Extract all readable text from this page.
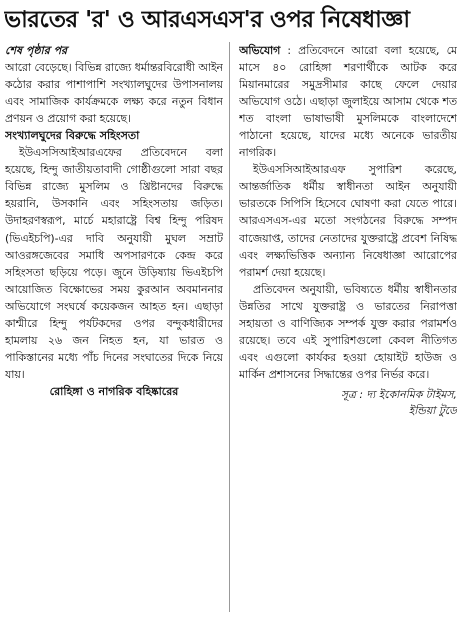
ভারতের 'র' ও আরএসএস'র ওপর নিষেধাজ্ঞা

শেষ পৃষ্ঠার পর

আরো বেড়েছে। বিভিন্ন রাজ্যে ধর্মান্তরবিরোধী আইন কঠোর করার পাশাপাশি সংখ্যালঘুদের উপাসনালয় এবং সামাজিক কার্যক্রমকে লক্ষ্য করে নতুন বিধান প্রণয়ন ও প্রয়োগ করা হয়েছে।

সংখ্যালঘুদের বিরুদ্ধে সহিংসতা

ইউএসসিআইআরএফের প্রতিবেদনে বলা হয়েছে, হিন্দু জাতীয়তাবাদী গোষ্ঠীগুলো সারা বছর বিভিন্ন রাজ্যে মুসলিম ও খ্রিষ্টানদের বিরুদ্ধে হয়রানি, উসকানি এবং সহিংসতায় জড়িত। উদাহরণস্বরূপ, মার্চে মহারাষ্ট্রে বিশ্ব হিন্দু পরিষদ (ভিএইচপি)-এর দাবি অনুযায়ী মুঘল সম্রাট আওরঙ্গজেবের সমাধি অপসারণকে কেন্দ্র করে সহিংসতা ছড়িয়ে পড়ে। জুনে উড়িষ্যায় ভিএইচপি আয়োজিত বিক্ষোভের সময় কুরআন অবমাননার অভিযোগে সংঘর্ষে কয়েকজন আহত হন। এছাড়া কাশ্মীরে হিন্দু পর্যটকদের ওপর বন্দুকধারীদের হামলায় ২৬ জন নিহত হন, যা ভারত ও পাকিস্তানের মধ্যে পাঁচ দিনের সংঘাতের দিকে নিয়ে যায়।

রোহিঙ্গা ও নাগরিক বহিষ্কারের

অভিযোগ : প্রতিবেদনে আরো বলা হয়েছে, মে মাসে ৪০ রোহিঙ্গা শরণার্থীকে আটক করে মিয়ানমারের সমুদ্রসীমার কাছে ফেলে দেয়ার অভিযোগ ওঠে। এছাড়া জুলাইয়ে আসাম থেকে শত শত বাংলা ভাষাভাষী মুসলিমকে বাংলাদেশে পাঠানো হয়েছে, যাদের মধ্যে অনেকে ভারতীয় নাগরিক।

ইউএসসিআইআরএফ সুপারিশ করেছে, আন্তর্জাতিক ধর্মীয় স্বাধীনতা আইন অনুযায়ী ভারতকে সিপিসি হিসেবে ঘোষণা করা যেতে পারে। আরএসএস-এর মতো সংগঠনের বিরুদ্ধে সম্পদ বাজেয়াপ্ত, তাদের নেতাদের যুক্তরাষ্ট্রে প্রবেশ নিষিদ্ধ এবং লক্ষ্যভিত্তিক অন্যান্য নিষেধাজ্ঞা আরোপের পরামর্শ দেয়া হয়েছে।

প্রতিবেদন অনুযায়ী, ভবিষ্যতে ধর্মীয় স্বাধীনতার উন্নতির সাথে যুক্তরাষ্ট্র ও ভারতের নিরাপত্তা সহায়তা ও বাণিজ্যিক সম্পর্ক যুক্ত করার পরামর্শও রয়েছে। তবে এই সুপারিশগুলো কেবল নীতিগত এবং এগুলো কার্যকর হওয়া হোয়াইট হাউজ ও মার্কিন প্রশাসনের সিদ্ধান্তের ওপর নির্ভর করে।

সূত্র : দ্য ইকোনমিক টাইমস,
ইন্ডিয়া টুডে
